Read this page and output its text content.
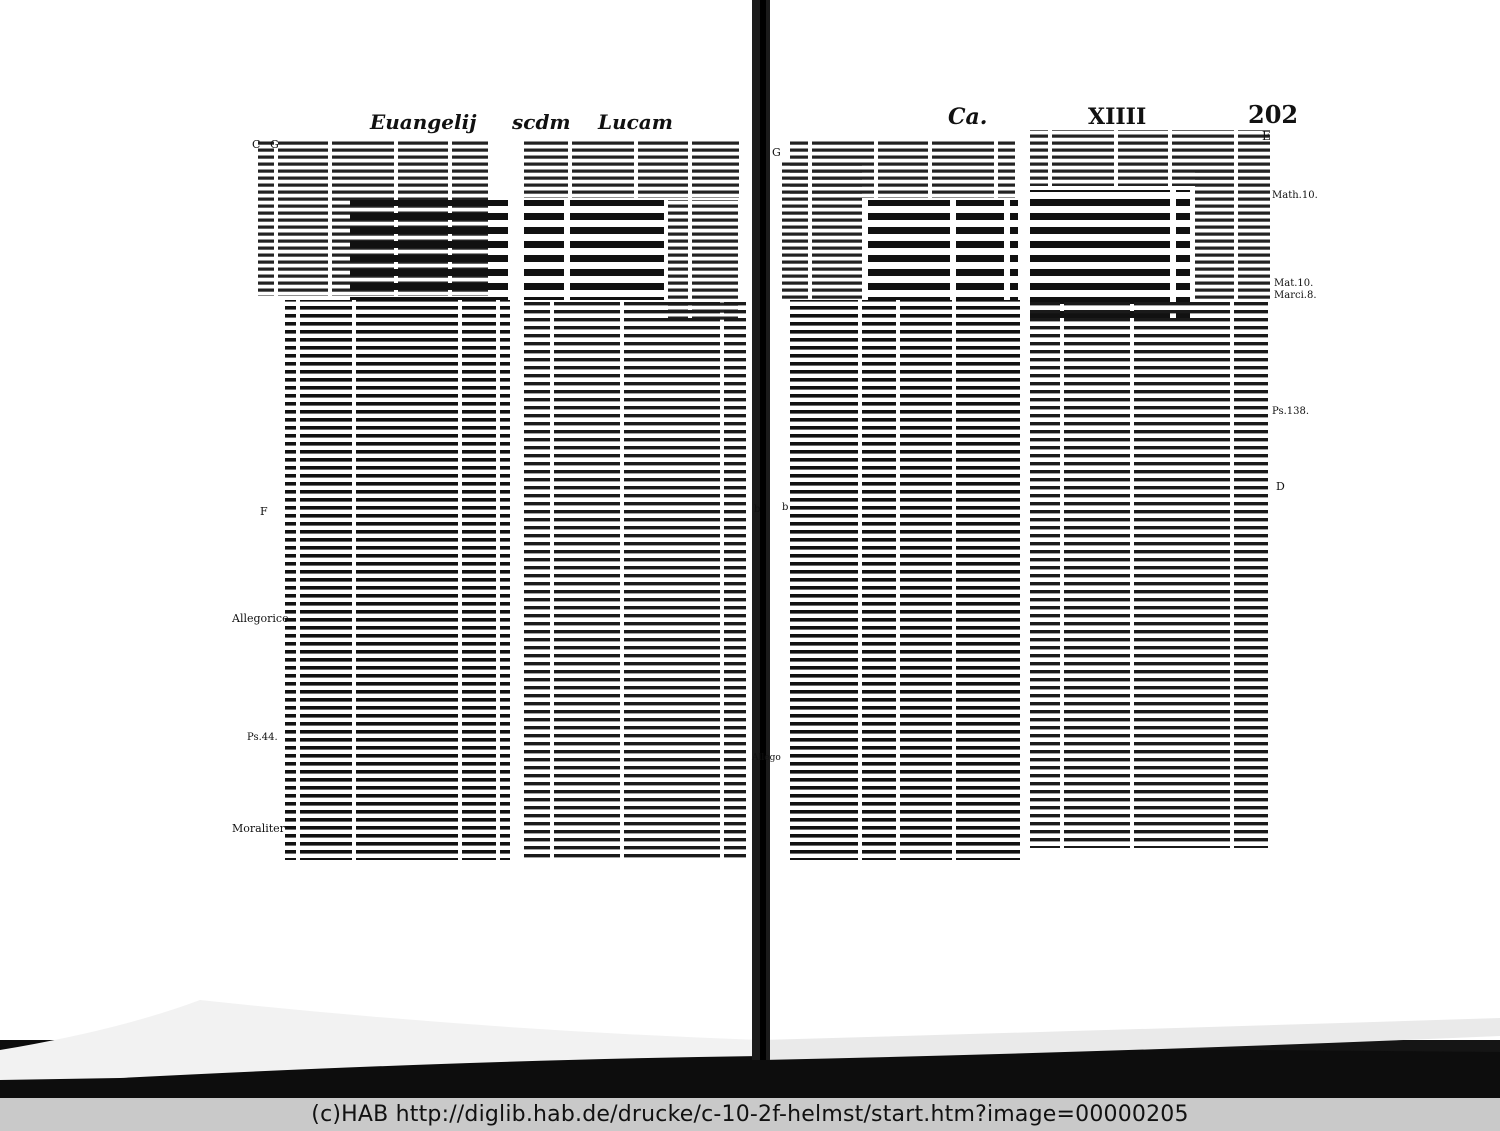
Allegorice
Ps.44.
Moraliter
C G
F	b
Math.10.
Mat.10.
Marci.8.
Ps.138.
D
E
G
b
Allego
Euangelij scdm Lucam	Ca.	XIIII	202
(c)HAB http://diglib.hab.de/drucke/c-10-2f-helmst/start.htm?image=00000205
